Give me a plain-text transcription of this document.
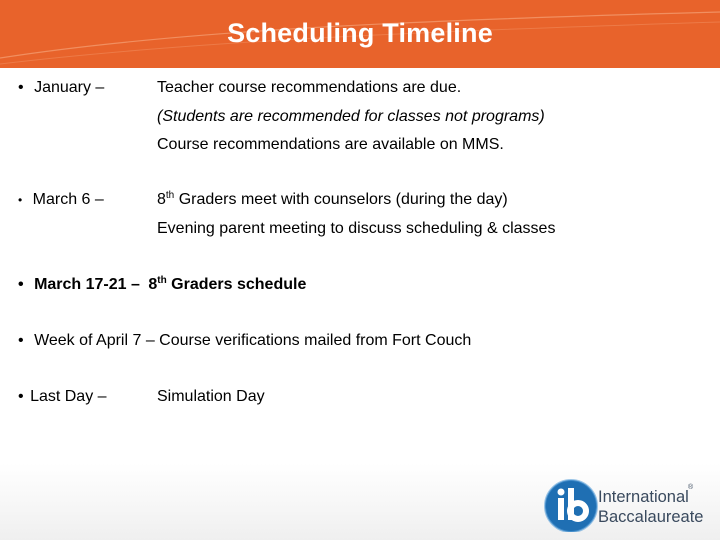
Scheduling Timeline
• January –	Teacher course recommendations are due.
(Students are recommended for classes not programs)
Course recommendations are available on MMS.
• March 6 –	8th Graders meet with counselors (during the day)
Evening parent meeting to discuss scheduling & classes
• March 17-21 – 8th Graders schedule
• Week of April 7 – Course verifications mailed from Fort Couch
• Last Day –	Simulation Day
International
Baccalaureate
®
